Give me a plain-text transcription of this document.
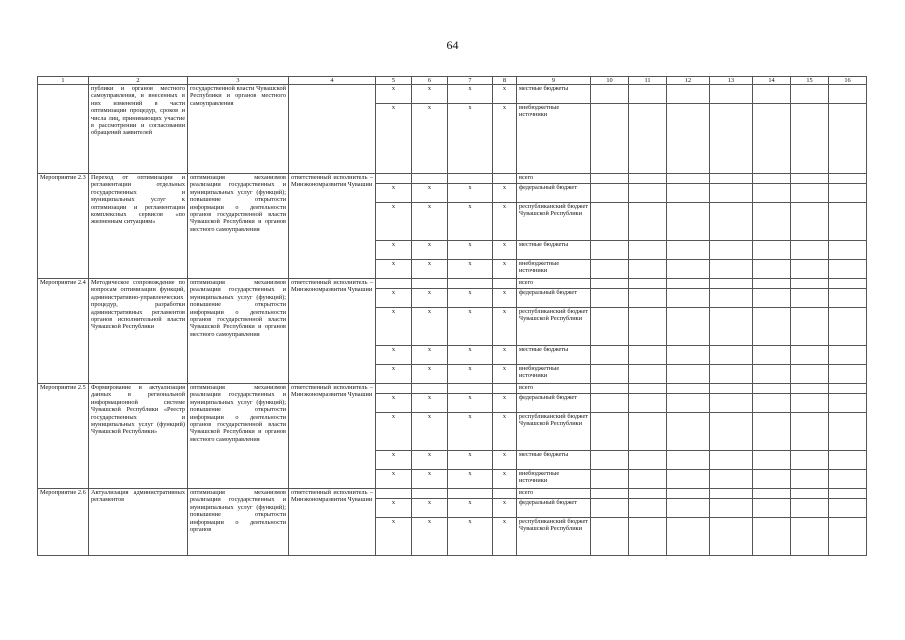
64
1	2	3	4	5	6	7	8	9	10	11	12	13	14	15	16
	публики и органов местного самоуправления, и внесенных в них изменений в части оптимизации процедур, сроков и числа лиц, принимающих участие в рассмотрении и согласовании обращений заявителей	государственной власти Чувашской Республики и органов местного самоуправления		х	х	х	х	местные бюджеты							
				х	х	х	х	внебюджетные источники							
Мероприятие 2.3	Переход от оптимизации и регламентации отдельных государственных и муниципальных услуг к оптимизации и регламентации комплексных сервисов «по жизненным ситуациям»	оптимизация механизмов реализации государственных и муниципальных услуг (функций); повышение открытости информации о деятельности органов государственной власти Чувашской Республики и органов местного самоуправления	ответственный исполнитель – Минэкономразвития Чувашии					всего							
				х	х	х	х	федеральный бюджет							
				х	х	х	х	республиканский бюджет Чувашской Республики							
				х	х	х	х	местные бюджеты							
				х	х	х	х	внебюджетные источники							
Мероприятие 2.4	Методическое сопровождение по вопросам оптимизации функций, административно-управленческих процедур, разработки административных регламентов органов исполнительной власти Чувашской Республики	оптимизация механизмов реализации государственных и муниципальных услуг (функций); повышение открытости информации о деятельности органов государственной власти Чувашской Республики и органов местного самоуправления	ответственный исполнитель – Минэкономразвития Чувашии					всего							
				х	х	х	х	федеральный бюджет							
				х	х	х	х	республиканский бюджет Чувашской Республики							
				х	х	х	х	местные бюджеты							
				х	х	х	х	внебюджетные источники							
Мероприятие 2.5	Формирование и актуализация данных в региональной информационной системе Чувашской Республики «Реестр государственных и муниципальных услуг (функций) Чувашской Республики»	оптимизация механизмов реализации государственных и муниципальных услуг (функций); повышение открытости информации о деятельности органов государственной власти Чувашской Республики и органов местного самоуправления	ответственный исполнитель – Минэкономразвития Чувашии					всего							
				х	х	х	х	федеральный бюджет							
				х	х	х	х	республиканский бюджет Чувашской Республики							
				х	х	х	х	местные бюджеты							
				х	х	х	х	внебюджетные источники							
Мероприятие 2.6	Актуализация административных регламентов	оптимизация механизмов реализации государственных и муниципальных услуг (функций); повышение открытости информации о деятельности органов	ответственный исполнитель – Минэкономразвития Чувашии					всего							
				х	х	х	х	федеральный бюджет							
				х	х	х	х	республиканский бюджет Чувашской Республики							
